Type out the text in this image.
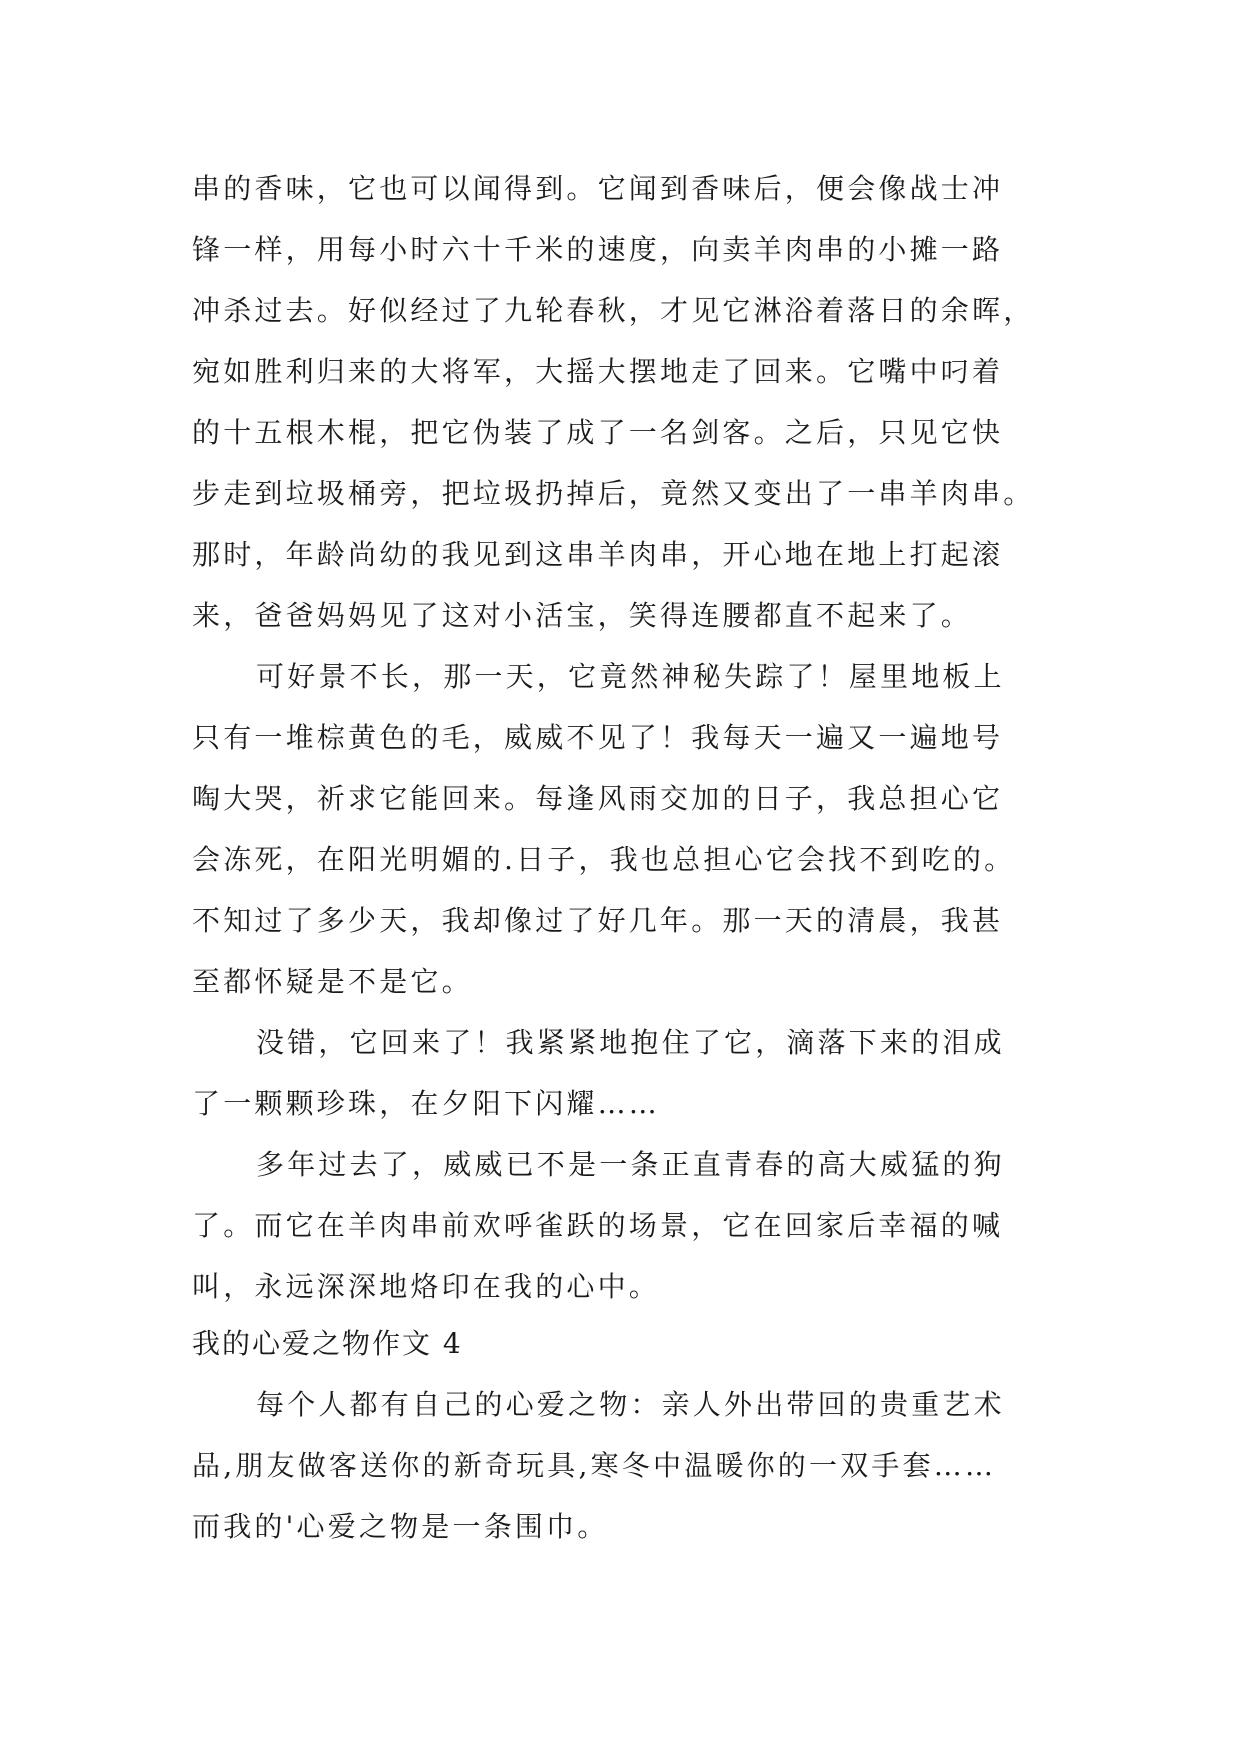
串的香味，它也可以闻得到。它闻到香味后，便会像战士冲
锋一样，用每小时六十千米的速度，向卖羊肉串的小摊一路
冲杀过去。好似经过了九轮春秋，才见它淋浴着落日的余晖，
宛如胜利归来的大将军，大摇大摆地走了回来。它嘴中叼着
的十五根木棍，把它伪装了成了一名剑客。之后，只见它快
步走到垃圾桶旁，把垃圾扔掉后，竟然又变出了一串羊肉串。
那时，年龄尚幼的我见到这串羊肉串，开心地在地上打起滚
来，爸爸妈妈见了这对小活宝，笑得连腰都直不起来了。
可好景不长，那一天，它竟然神秘失踪了！屋里地板上
只有一堆棕黄色的毛，威威不见了！我每天一遍又一遍地号
啕大哭，祈求它能回来。每逢风雨交加的日子，我总担心它
会冻死，在阳光明媚的.日子，我也总担心它会找不到吃的。
不知过了多少天，我却像过了好几年。那一天的清晨，我甚
至都怀疑是不是它。
没错，它回来了！我紧紧地抱住了它，滴落下来的泪成
了一颗颗珍珠，在夕阳下闪耀……
多年过去了，威威已不是一条正直青春的高大威猛的狗
了。而它在羊肉串前欢呼雀跃的场景，它在回家后幸福的喊
叫，永远深深地烙印在我的心中。
我的心爱之物作文 4
每个人都有自己的心爱之物：亲人外出带回的贵重艺术
品,朋友做客送你的新奇玩具,寒冬中温暖你的一双手套……
而我的'心爱之物是一条围巾。
